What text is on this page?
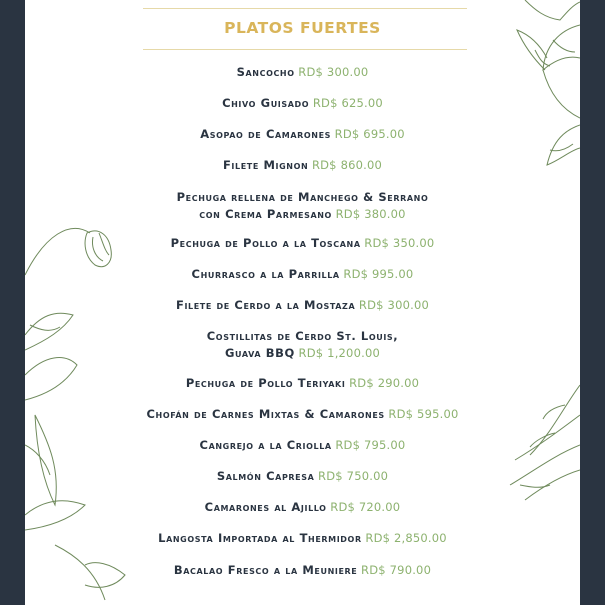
PLATOS FUERTES
Sancocho RD$ 300.00
Chivo Guisado RD$ 625.00
Asopao de Camarones RD$ 695.00
Filete Mignon RD$ 860.00
Pechuga rellena de Manchego & Serrano
con Crema Parmesano RD$ 380.00
Pechuga de Pollo a la Toscana RD$ 350.00
Churrasco a la Parrilla RD$ 995.00
Filete de Cerdo a la Mostaza RD$ 300.00
Costillitas de Cerdo St. Louis,
Guava BBQ RD$ 1,200.00
Pechuga de Pollo Teriyaki RD$ 290.00
Chofán de Carnes Mixtas & Camarones RD$ 595.00
Cangrejo a la Criolla RD$ 795.00
Salmón Capresa RD$ 750.00
Camarones al Ajillo RD$ 720.00
Langosta Importada al Thermidor RD$ 2,850.00
Bacalao Fresco a la Meuniere RD$ 790.00
